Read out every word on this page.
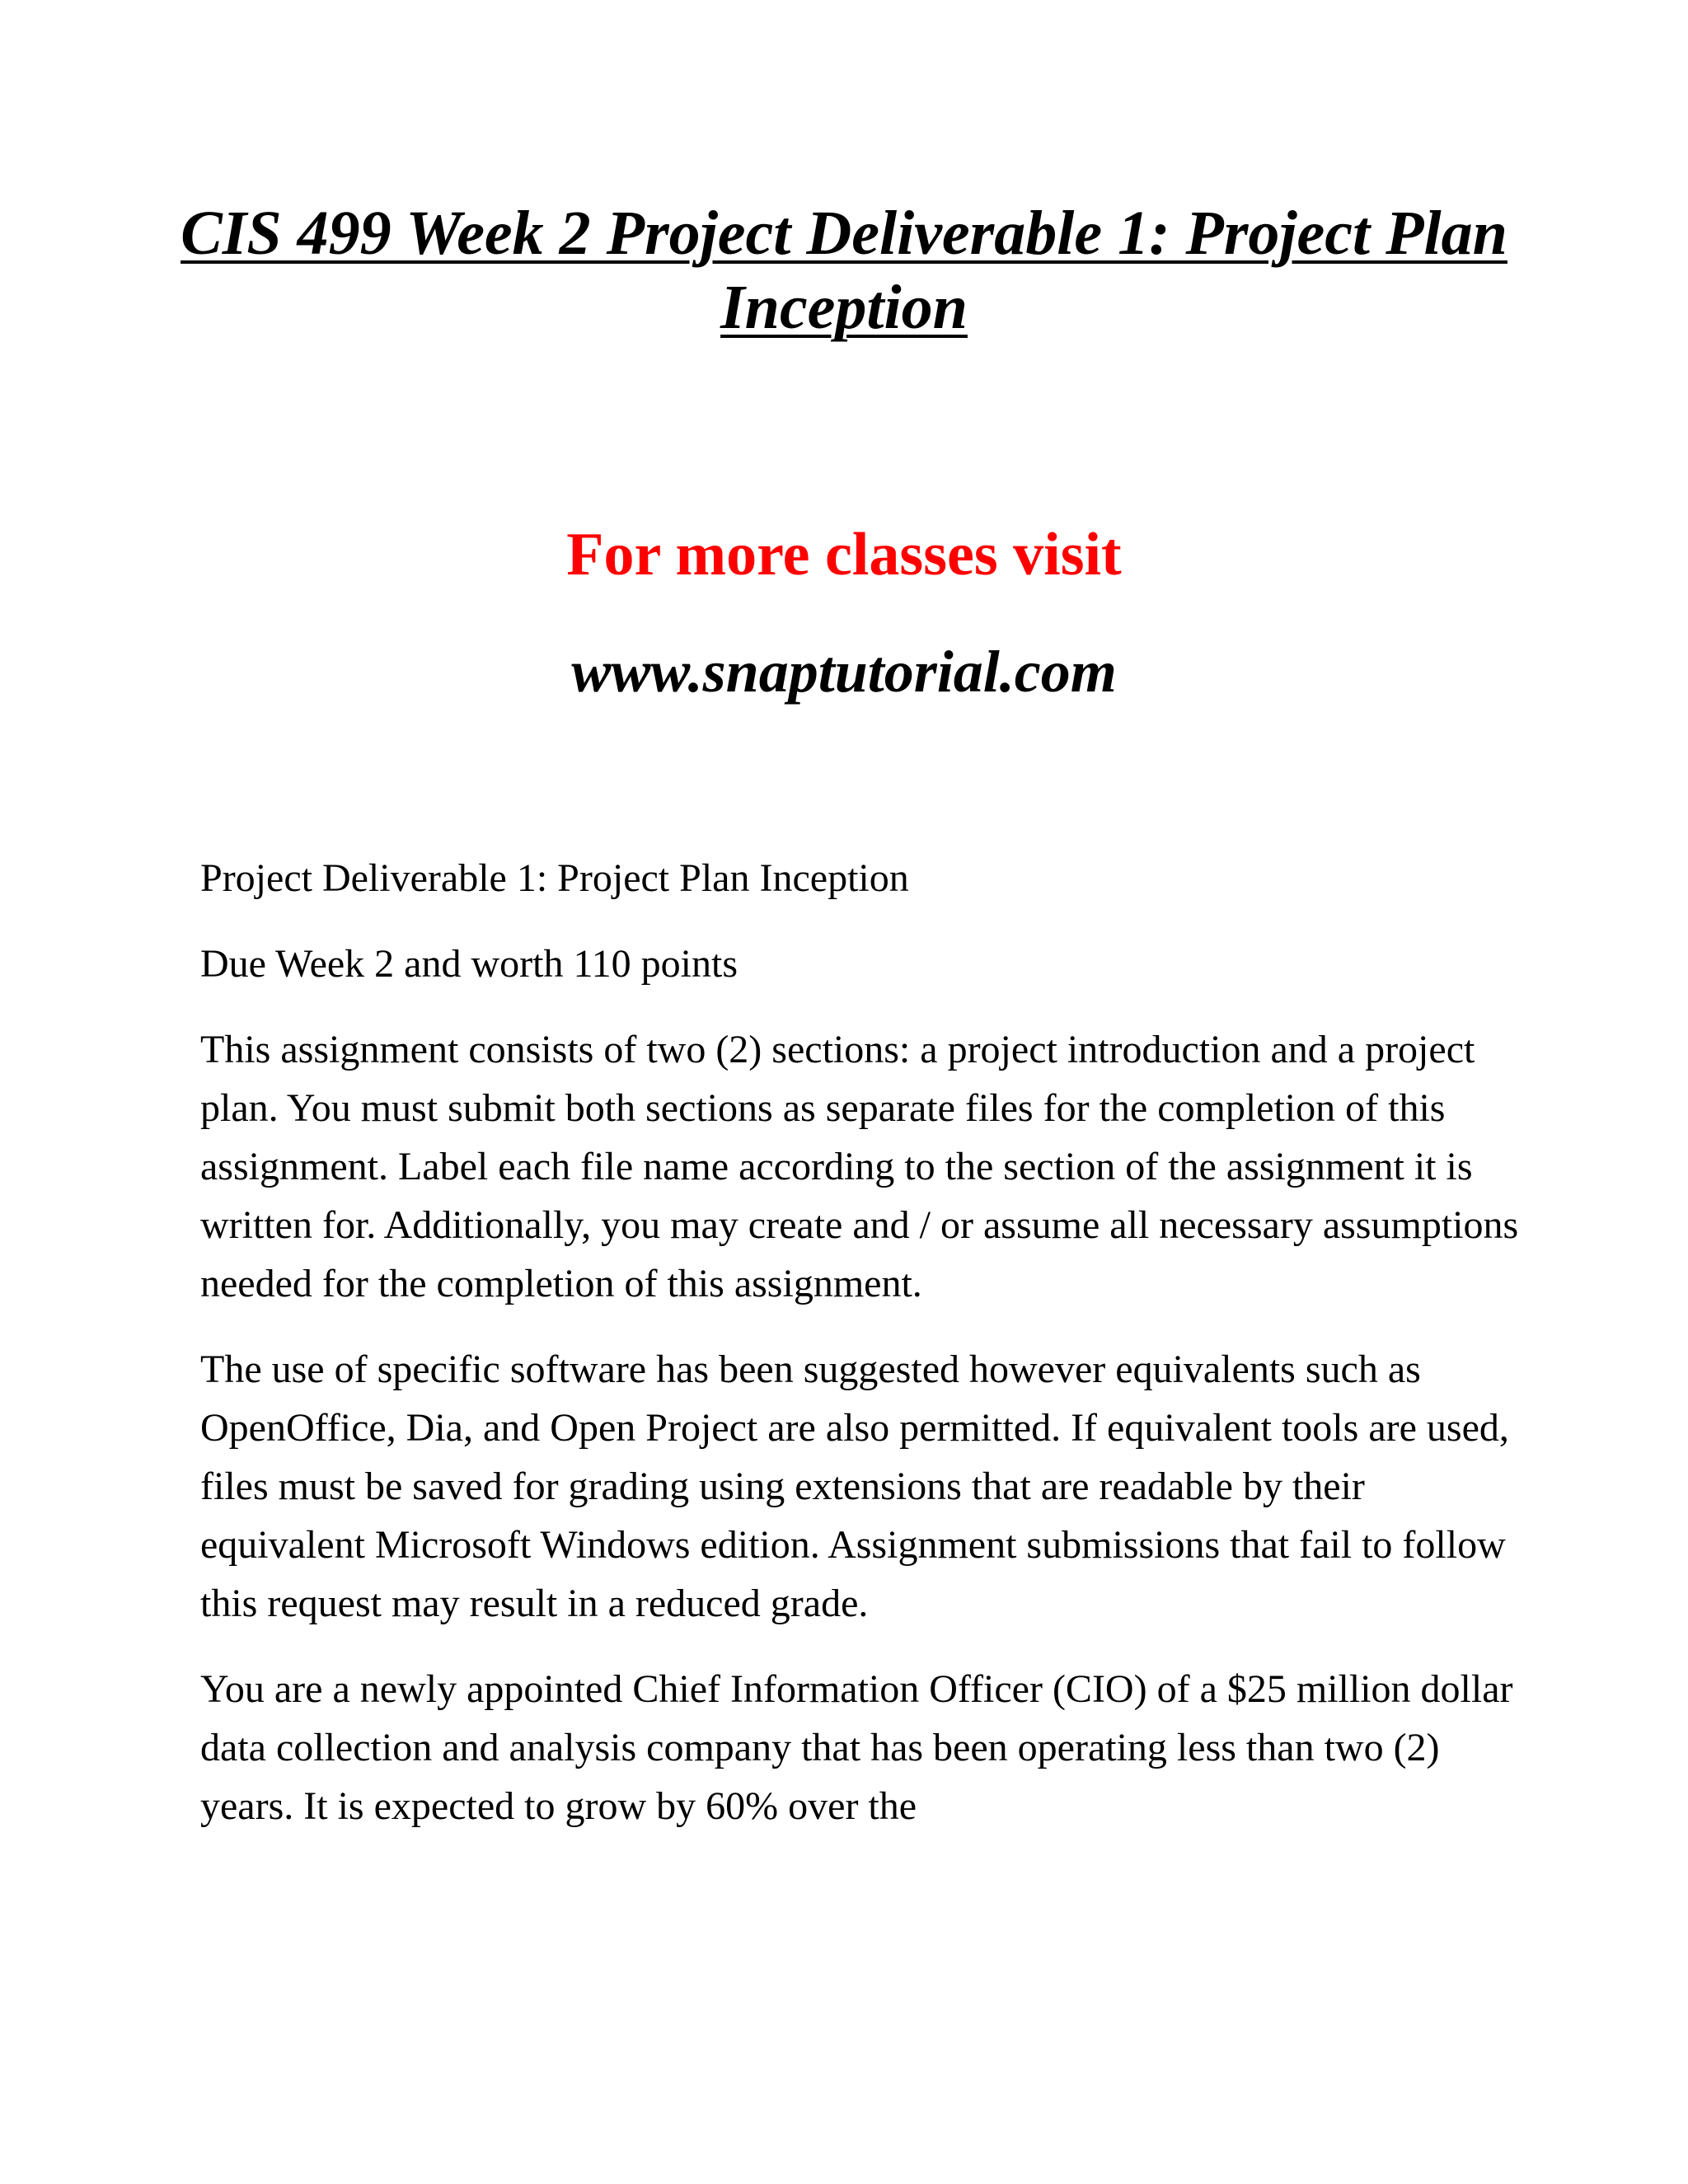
CIS 499 Week 2 Project Deliverable 1: Project Plan Inception
For more classes visit
www.snaptutorial.com

Project Deliverable 1: Project Plan Inception

Due Week 2 and worth 110 points

This assignment consists of two (2) sections: a project introduction and a project plan. You must submit both sections as separate files for the completion of this assignment. Label each file name according to the section of the assignment it is written for. Additionally, you may create and / or assume all necessary assumptions needed for the completion of this assignment.

The use of specific software has been suggested however equivalents such as OpenOffice, Dia, and Open Project are also permitted. If equivalent tools are used, files must be saved for grading using extensions that are readable by their equivalent Microsoft Windows edition. Assignment submissions that fail to follow this request may result in a reduced grade.

You are a newly appointed Chief Information Officer (CIO) of a $25 million dollar data collection and analysis company that has been operating less than two (2) years. It is expected to grow by 60% over the
